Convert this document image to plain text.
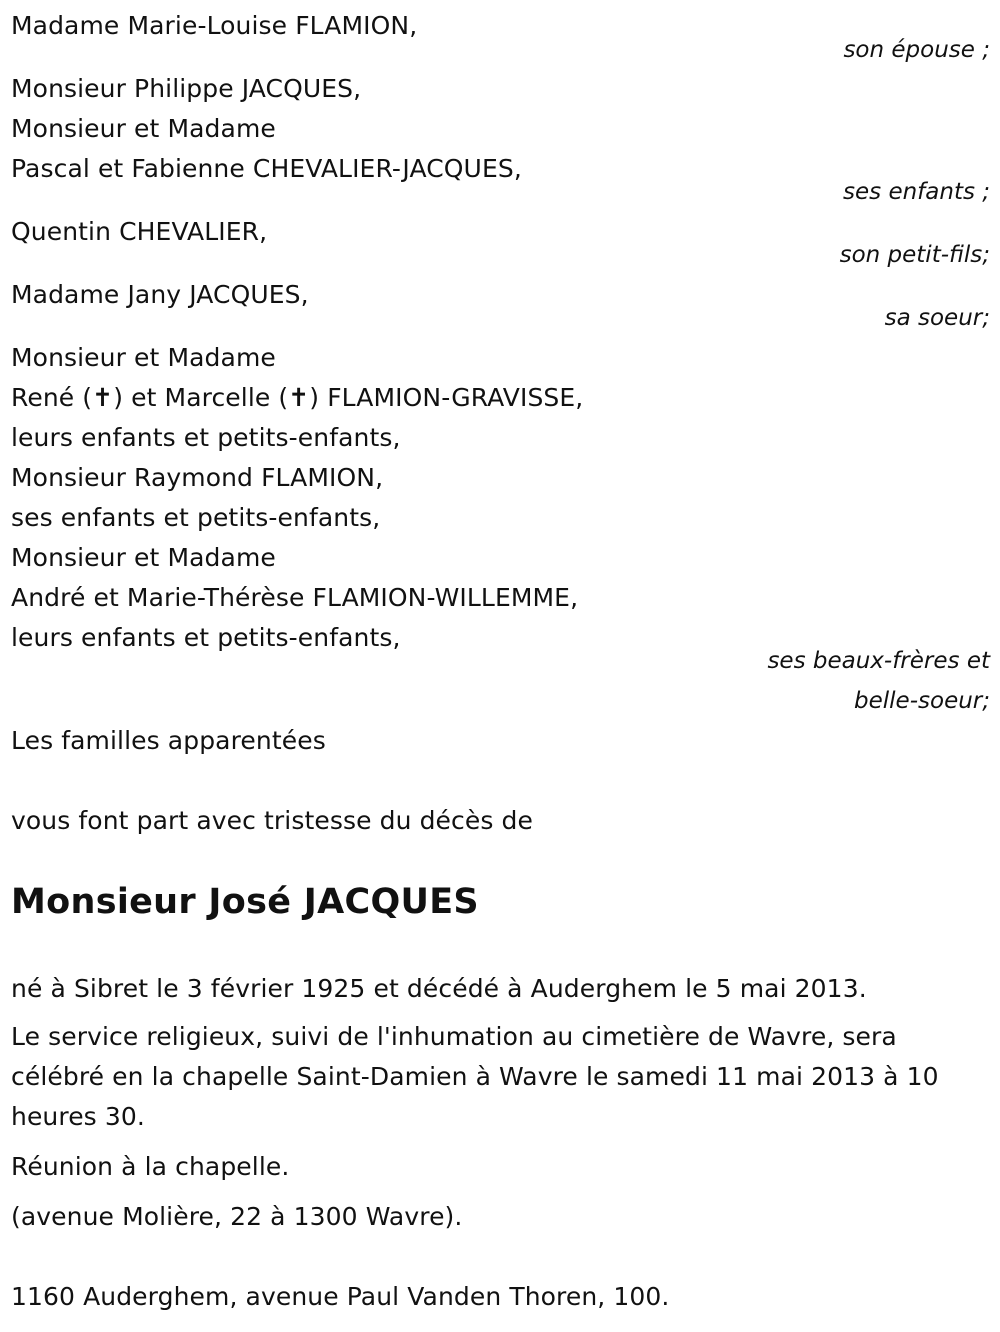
Madame Marie-Louise FLAMION,
son épouse ;
Monsieur Philippe JACQUES,
Monsieur et Madame
Pascal et Fabienne CHEVALIER-JACQUES,
ses enfants ;
Quentin CHEVALIER,
son petit-fils;
Madame Jany JACQUES,
sa soeur;
Monsieur et Madame
René (✝) et Marcelle (✝) FLAMION-GRAVISSE,
leurs enfants et petits-enfants,
Monsieur Raymond FLAMION,
ses enfants et petits-enfants,
Monsieur et Madame
André et Marie-Thérèse FLAMION-WILLEMME,
leurs enfants et petits-enfants,
ses beaux-frères et
belle-soeur;
Les familles apparentées
vous font part avec tristesse du décès de
Monsieur José JACQUES
né à Sibret le 3 février 1925 et décédé à Auderghem le 5 mai 2013.
Le service religieux, suivi de l'inhumation au cimetière de Wavre, sera
célébré en la chapelle Saint-Damien à Wavre le samedi 11 mai 2013 à 10
heures 30.
Réunion à la chapelle.
(avenue Molière, 22 à 1300 Wavre).
1160 Auderghem, avenue Paul Vanden Thoren, 100.
